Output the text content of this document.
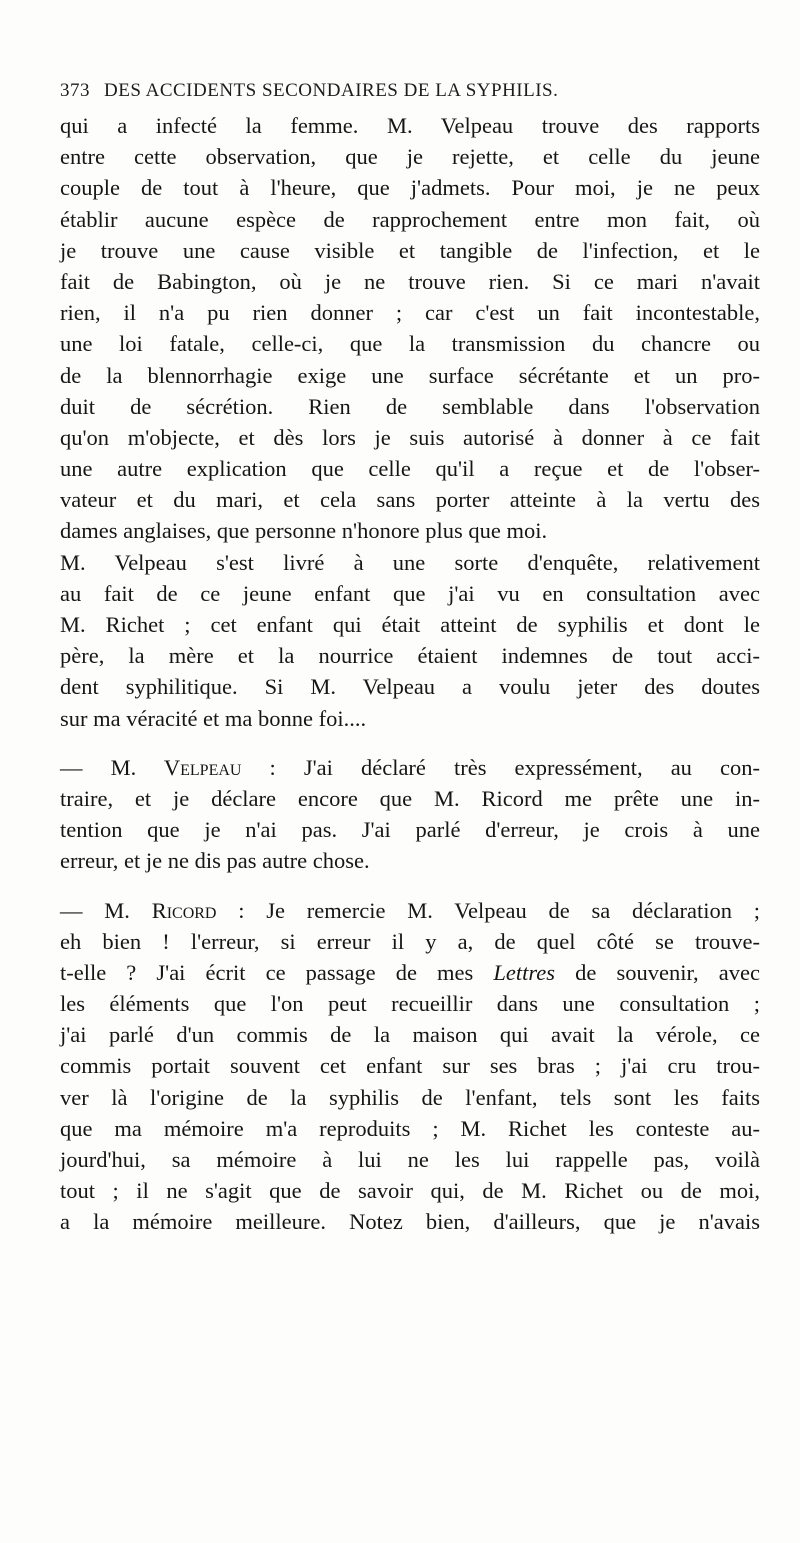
373 DES ACCIDENTS SECONDAIRES DE LA SYPHILIS.
qui a infecté la femme. M. Velpeau trouve des rapports
entre cette observation, que je rejette, et celle du jeune
couple de tout à l'heure, que j'admets. Pour moi, je ne peux
établir aucune espèce de rapprochement entre mon fait, où
je trouve une cause visible et tangible de l'infection, et le
fait de Babington, où je ne trouve rien. Si ce mari n'avait
rien, il n'a pu rien donner ; car c'est un fait incontestable,
une loi fatale, celle-ci, que la transmission du chancre ou
de la blennorrhagie exige une surface sécrétante et un pro-
duit de sécrétion. Rien de semblable dans l'observation
qu'on m'objecte, et dès lors je suis autorisé à donner à ce fait
une autre explication que celle qu'il a reçue et de l'obser-
vateur et du mari, et cela sans porter atteinte à la vertu des
dames anglaises, que personne n'honore plus que moi.
M. Velpeau s'est livré à une sorte d'enquête, relativement
au fait de ce jeune enfant que j'ai vu en consultation avec
M. Richet ; cet enfant qui était atteint de syphilis et dont le
père, la mère et la nourrice étaient indemnes de tout acci-
dent syphilitique. Si M. Velpeau a voulu jeter des doutes
sur ma véracité et ma bonne foi....
— M. Velpeau : J'ai déclaré très expressément, au con-
traire, et je déclare encore que M. Ricord me prête une in-
tention que je n'ai pas. J'ai parlé d'erreur, je crois à une
erreur, et je ne dis pas autre chose.
— M. Ricord : Je remercie M. Velpeau de sa déclaration ;
eh bien ! l'erreur, si erreur il y a, de quel côté se trouve-
t-elle ? J'ai écrit ce passage de mes Lettres de souvenir, avec
les éléments que l'on peut recueillir dans une consultation ;
j'ai parlé d'un commis de la maison qui avait la vérole, ce
commis portait souvent cet enfant sur ses bras ; j'ai cru trou-
ver là l'origine de la syphilis de l'enfant, tels sont les faits
que ma mémoire m'a reproduits ; M. Richet les conteste au-
jourd'hui, sa mémoire à lui ne les lui rappelle pas, voilà
tout ; il ne s'agit que de savoir qui, de M. Richet ou de moi,
a la mémoire meilleure. Notez bien, d'ailleurs, que je n'avais
